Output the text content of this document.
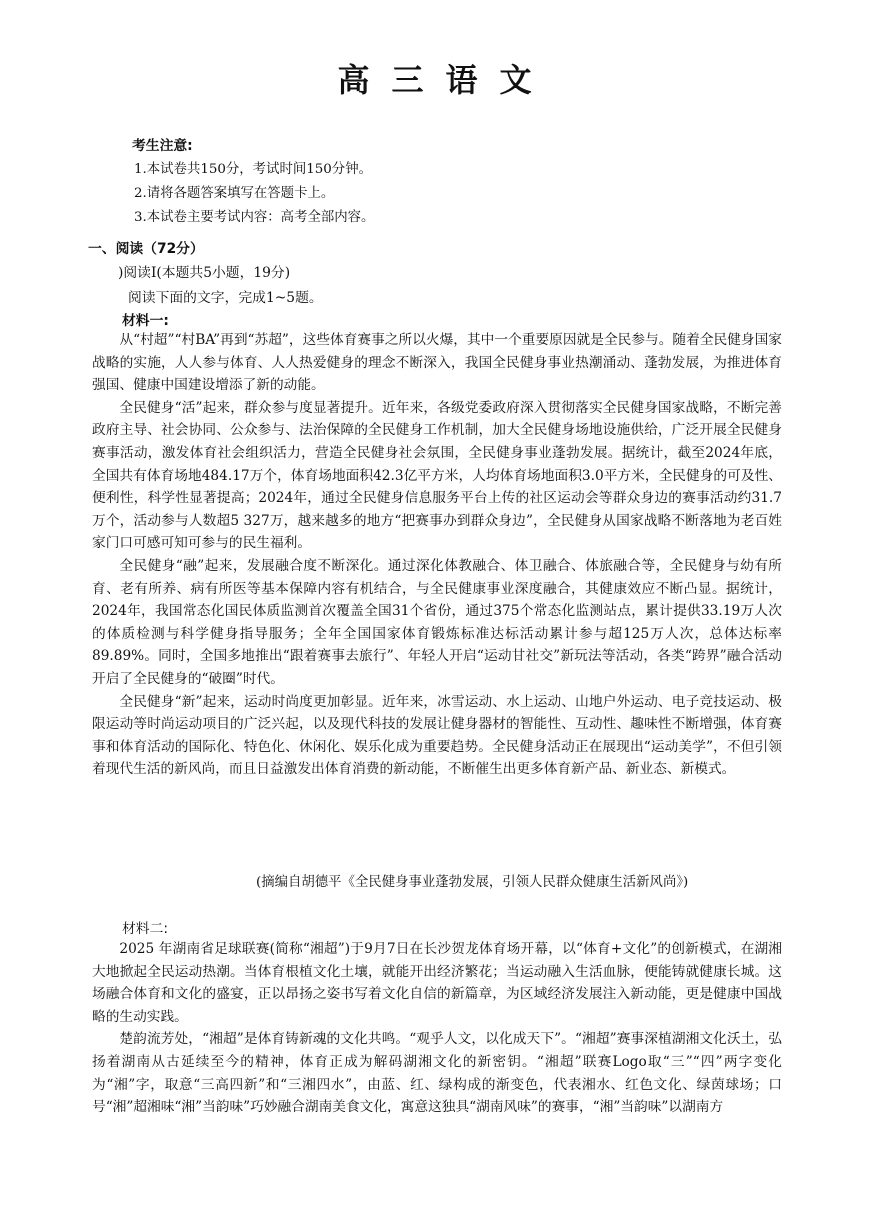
高三语文
考生注意:
1.本试卷共150分，考试时间150分钟。
2.请将各题答案填写在答题卡上。
3.本试卷主要考试内容：高考全部内容。
一、阅读（72分）
)阅读Ⅰ(本题共5小题，19分)
阅读下面的文字，完成1~5题。
材料一:

从“村超”“村BA”再到“苏超”，这些体育赛事之所以火爆，其中一个重要原因就是全民参与。随着全民健身国家战略的实施，人人参与体育、人人热爱健身的理念不断深入，我国全民健身事业热潮涌动、蓬勃发展，为推进体育强国、健康中国建设增添了新的动能。

全民健身“活”起来，群众参与度显著提升。近年来，各级党委政府深入贯彻落实全民健身国家战略，不断完善政府主导、社会协同、公众参与、法治保障的全民健身工作机制，加大全民健身场地设施供给，广泛开展全民健身赛事活动，激发体育社会组织活力，营造全民健身社会氛围，全民健身事业蓬勃发展。据统计，截至2024年底，全国共有体育场地484.17万个，体育场地面积42.3亿平方米，人均体育场地面积3.0平方米，全民健身的可及性、便利性，科学性显著提高；2024年，通过全民健身信息服务平台上传的社区运动会等群众身边的赛事活动约31.7万个，活动参与人数超5 327万，越来越多的地方“把赛事办到群众身边”，全民健身从国家战略不断落地为老百姓家门口可感可知可参与的民生福利。

全民健身“融”起来，发展融合度不断深化。通过深化体教融合、体卫融合、体旅融合等，全民健身与幼有所育、老有所养、病有所医等基本保障内容有机结合，与全民健康事业深度融合，其健康效应不断凸显。据统计，2024年，我国常态化国民体质监测首次覆盖全国31个省份，通过375个常态化监测站点，累计提供33.19万人次的体质检测与科学健身指导服务；全年全国国家体育锻炼标准达标活动累计参与超125万人次，总体达标率89.89%。同时，全国多地推出“跟着赛事去旅行”、年轻人开启“运动甘社交”新玩法等活动，各类“跨界”融合活动开启了全民健身的“破圈”时代。

全民健身“新”起来，运动时尚度更加彰显。近年来，冰雪运动、水上运动、山地户外运动、电子竞技运动、极限运动等时尚运动项目的广泛兴起，以及现代科技的发展让健身器材的智能性、互动性、趣味性不断增强，体育赛事和体育活动的国际化、特色化、休闲化、娱乐化成为重要趋势。全民健身活动正在展现出“运动美学”，不但引领着现代生活的新风尚，而且日益激发出体育消费的新动能，不断催生出更多体育新产品、新业态、新模式。

(摘编自胡德平《全民健身事业蓬勃发展，引领人民群众健康生活新风尚》)
材料二:

2025 年湖南省足球联赛(简称“湘超”)于9月7日在长沙贺龙体育场开幕，以“体育+文化”的创新模式，在湖湘大地掀起全民运动热潮。当体育根植文化土壤，就能开出经济繁花；当运动融入生活血脉，便能铸就健康长城。这场融合体育和文化的盛宴，正以昂扬之姿书写着文化自信的新篇章，为区域经济发展注入新动能，更是健康中国战略的生动实践。

楚韵流芳处，“湘超”是体育铸新魂的文化共鸣。“观乎人文，以化成天下”。“湘超”赛事深植湖湘文化沃土，弘扬着湖南从古延续至今的精神，体育正成为解码湖湘文化的新密钥。“湘超”联赛Logo取“三”“四”两字变化为“湘”字，取意“三高四新”和“三湘四水”，由蓝、红、绿构成的渐变色，代表湘水、红色文化、绿茵球场；口号“湘”超湘味“湘”当韵味”巧妙融合湖南美食文化，寓意这独具“湖南风味”的赛事，“湘”当韵味”以湖南方
